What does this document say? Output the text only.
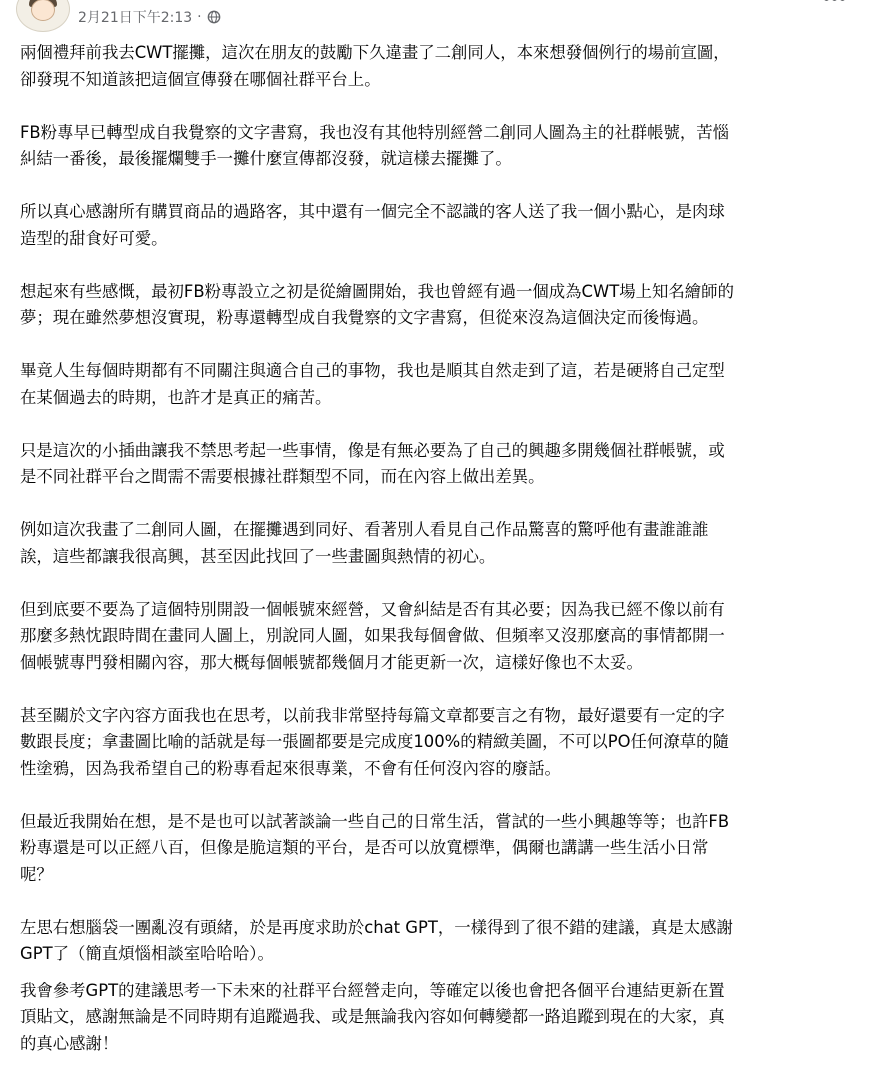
2月21日下午2:13 ·

兩個禮拜前我去CWT擺攤，這次在朋友的鼓勵下久違畫了二創同人，本來想發個例行的場前宣圖，
卻發現不知道該把這個宣傳發在哪個社群平台上。

FB粉專早已轉型成自我覺察的文字書寫，我也沒有其他特別經營二創同人圖為主的社群帳號，苦惱
糾結一番後，最後擺爛雙手一攤什麼宣傳都沒發，就這樣去擺攤了。

所以真心感謝所有購買商品的過路客，其中還有一個完全不認識的客人送了我一個小點心，是肉球
造型的甜食好可愛。

想起來有些感慨，最初FB粉專設立之初是從繪圖開始，我也曾經有過一個成為CWT場上知名繪師的
夢；現在雖然夢想沒實現，粉專還轉型成自我覺察的文字書寫，但從來沒為這個決定而後悔過。

畢竟人生每個時期都有不同關注與適合自己的事物，我也是順其自然走到了這，若是硬將自己定型
在某個過去的時期，也許才是真正的痛苦。

只是這次的小插曲讓我不禁思考起一些事情，像是有無必要為了自己的興趣多開幾個社群帳號，或
是不同社群平台之間需不需要根據社群類型不同，而在內容上做出差異。

例如這次我畫了二創同人圖，在擺攤遇到同好、看著別人看見自己作品驚喜的驚呼他有畫誰誰誰
誒，這些都讓我很高興，甚至因此找回了一些畫圖與熱情的初心。

但到底要不要為了這個特別開設一個帳號來經營，又會糾結是否有其必要；因為我已經不像以前有
那麼多熱忱跟時間在畫同人圖上，別說同人圖，如果我每個會做、但頻率又沒那麼高的事情都開一
個帳號專門發相關內容，那大概每個帳號都幾個月才能更新一次，這樣好像也不太妥。

甚至關於文字內容方面我也在思考，以前我非常堅持每篇文章都要言之有物，最好還要有一定的字
數跟長度；拿畫圖比喻的話就是每一張圖都要是完成度100%的精緻美圖，不可以PO任何潦草的隨
性塗鴉，因為我希望自己的粉專看起來很專業，不會有任何沒內容的廢話。

但最近我開始在想，是不是也可以試著談論一些自己的日常生活，嘗試的一些小興趣等等；也許FB
粉專還是可以正經八百，但像是脆這類的平台，是否可以放寬標準，偶爾也講講一些生活小日常
呢？

左思右想腦袋一團亂沒有頭緒，於是再度求助於chat GPT，一樣得到了很不錯的建議，真是太感謝
GPT了（簡直煩惱相談室哈哈哈）。

我會參考GPT的建議思考一下未來的社群平台經營走向，等確定以後也會把各個平台連結更新在置
頂貼文，感謝無論是不同時期有追蹤過我、或是無論我內容如何轉變都一路追蹤到現在的大家，真
的真心感謝！
